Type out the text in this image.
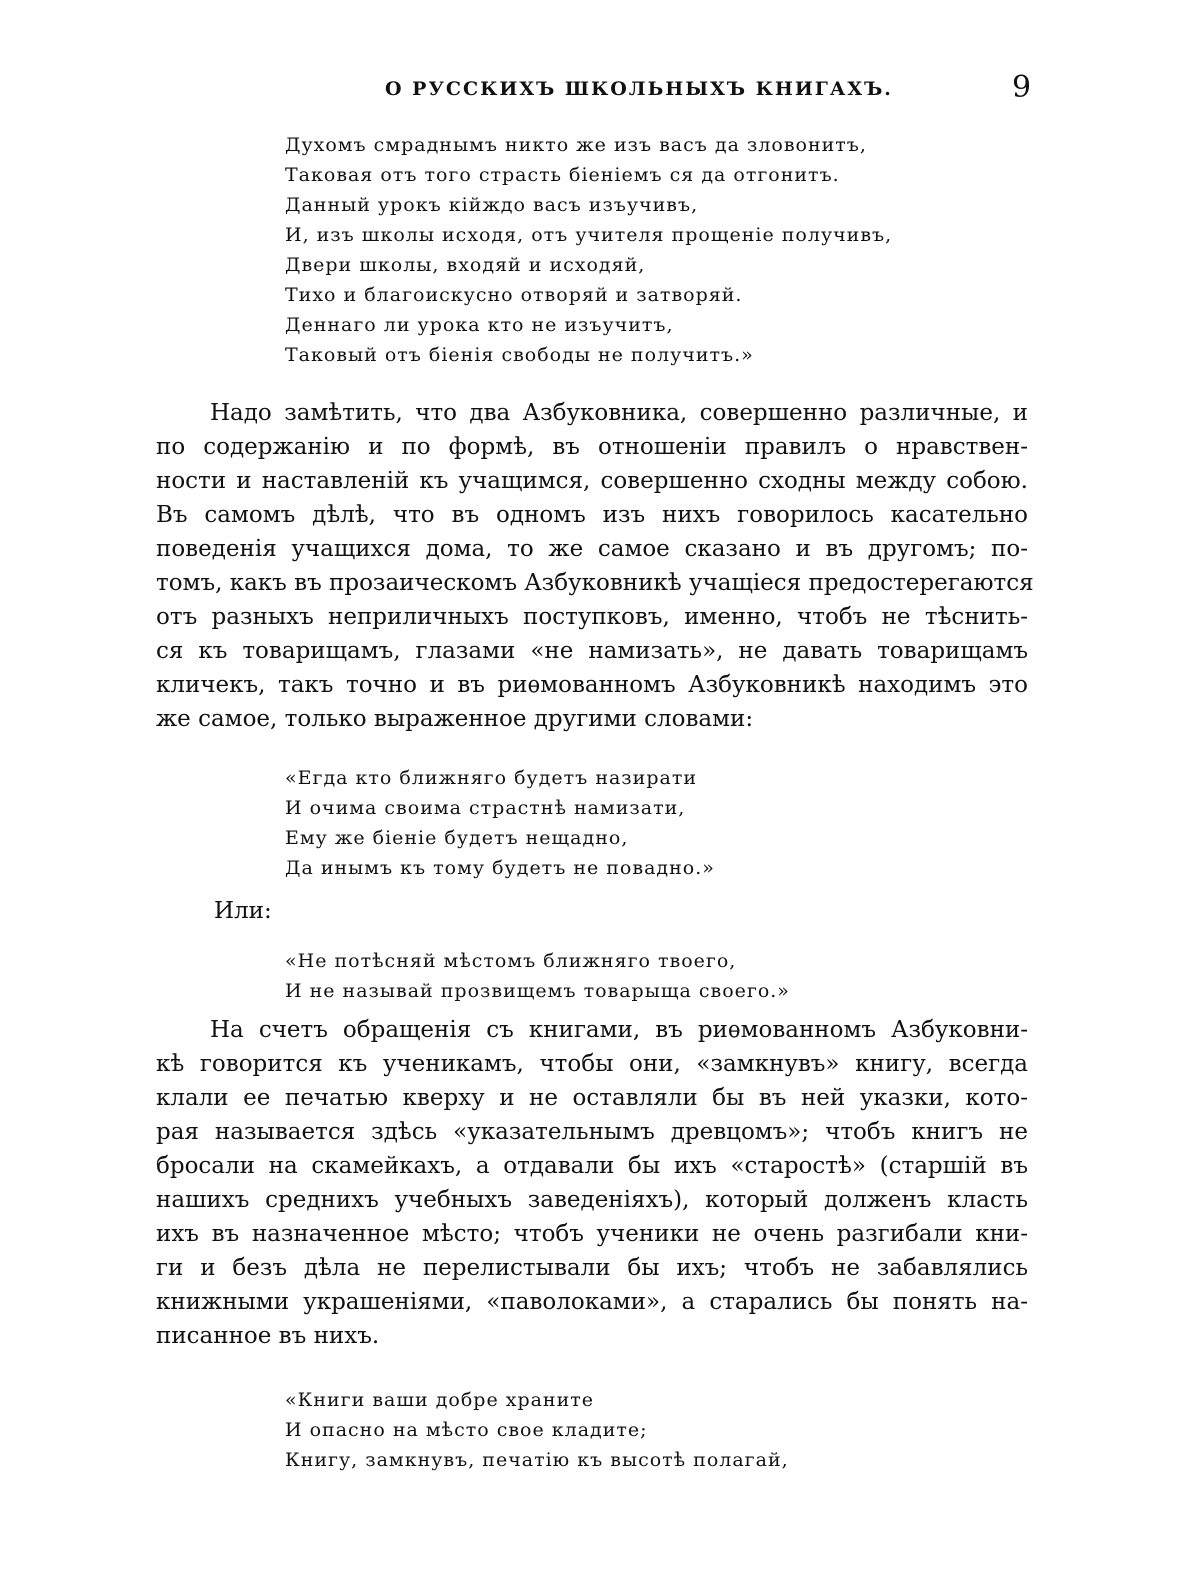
О РУССКИХЪ ШКОЛЬНЫХЪ КНИГАХЪ.	9
Духомъ смраднымъ никто же изъ васъ да зловонитъ,
Таковая отъ того страсть біеніемъ ся да отгонитъ.
Данный урокъ кійждо васъ изъучивъ,
И, изъ школы исходя, отъ учителя прощеніе получивъ,
Двери школы, входяй и исходяй,
Тихо и благоискусно отворяй и затворяй.
Деннаго ли урока кто не изъучитъ,
Таковый отъ біенія свободы не получитъ.»
Надо замѣтить, что два Азбуковника, совершенно различные, и
по содержанію и по формѣ, въ отношеніи правилъ о нравствен-
ности и наставленій къ учащимся, совершенно сходны между собою.
Въ самомъ дѣлѣ, что въ одномъ изъ нихъ говорилось касательно
поведенія учащихся дома, то же самое сказано и въ другомъ; по-
томъ, какъ въ прозаическомъ Азбуковникѣ учащіеся предостерегаются
отъ разныхъ неприличныхъ поступковъ, именно, чтобъ не тѣснить-
ся къ товарищамъ, глазами «не намизать», не давать товарищамъ
кличекъ, такъ точно и въ риѳмованномъ Азбуковникѣ находимъ это
же самое, только выраженное другими словами:
«Егда кто ближняго будетъ назирати
И очима своима страстнѣ намизати,
Ему же біеніе будетъ нещадно,
Да инымъ къ тому будетъ не повадно.»
Или:
«Не потѣсняй мѣстомъ ближняго твоего,
И не называй прозвищемъ товарыща своего.»
На счетъ обращенія съ книгами, въ риѳмованномъ Азбуковни-
кѣ говорится къ ученикамъ, чтобы они, «замкнувъ» книгу, всегда
клали ее печатью кверху и не оставляли бы въ ней указки, кото-
рая называется здѣсь «указательнымъ древцомъ»; чтобъ книгъ не
бросали на скамейкахъ, а отдавали бы ихъ «старостѣ» (старшій въ
нашихъ среднихъ учебныхъ заведеніяхъ), который долженъ класть
ихъ въ назначенное мѣсто; чтобъ ученики не очень разгибали кни-
ги и безъ дѣла не перелистывали бы ихъ; чтобъ не забавлялись
книжными украшеніями, «паволоками», а старались бы понять на-
писанное въ нихъ.
«Книги ваши добре храните
И опасно на мѣсто свое кладите;
Книгу, замкнувъ, печатію къ высотѣ полагай,
